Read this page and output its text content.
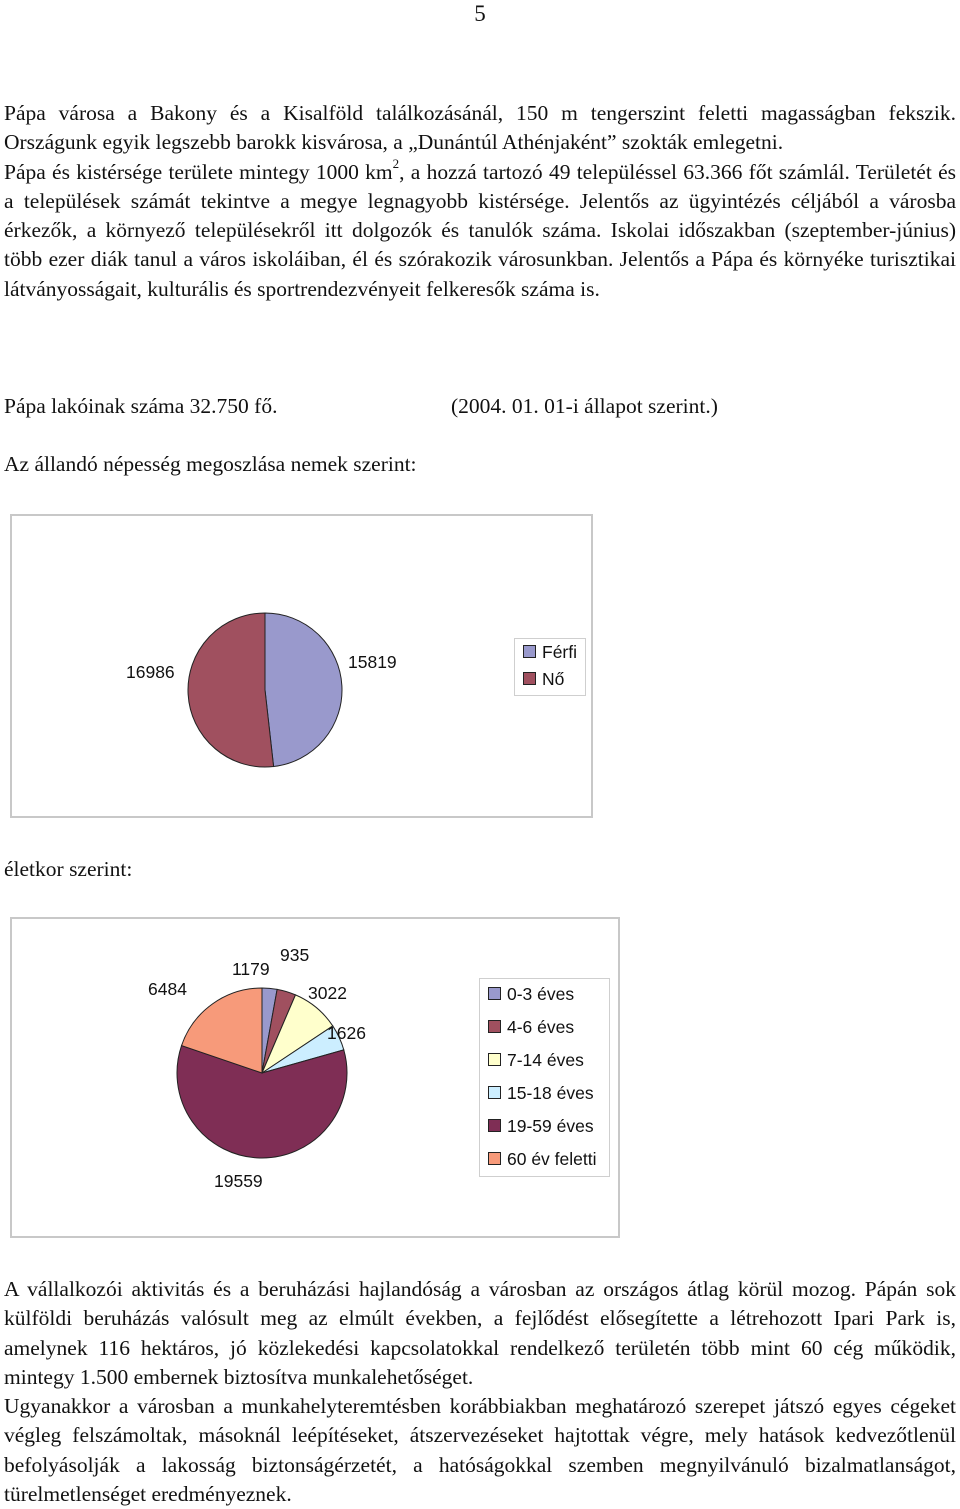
5

Pápa városa a Bakony és a Kisalföld találkozásánál, 150 m tengerszint feletti magasságban fekszik. Országunk egyik legszebb barokk kisvárosa, a „Dunántúl Athénjaként” szokták emlegetni.

Pápa és kistérsége területe mintegy 1000 $km^2$, a hozzá tartozó 49 településsel 63.366 főt számlál. Területét és a települések számát tekintve a megye legnagyobb kistérsége. Jelentős az ügyintézés céljából a városba érkezők, a környező településekről itt dolgozók és tanulók száma. Iskolai időszakban (szeptember-június) több ezer diák tanul a város iskoláiban, él és szórakozik városunkban. Jelentős a Pápa és környéke turisztikai látványosságait, kulturális és sportrendezvényeit felkeresők száma is.

Pápa lakóinak száma 32.750 fő.	(2004. 01. 01-i állapot szerint.)
Az állandó népesség megoszlása nemek szerint:
15819
16986
Férfi
Nő
életkor szerint:
935
1179
3022
1626
19559
6484	0-3 éves
4-6 éves
7-14 éves
15-18 éves
19-59 éves
60 év feletti

A vállalkozói aktivitás és a beruházási hajlandóság a városban az országos átlag körül mozog. Pápán sok külföldi beruházás valósult meg az elmúlt években, a fejlődést elősegítette a létrehozott Ipari Park is, amelynek 116 hektáros, jó közlekedési kapcsolatokkal rendelkező területén több mint 60 cég működik, mintegy 1.500 embernek biztosítva munkalehetőséget.

Ugyanakkor a városban a munkahelyteremtésben korábbiakban meghatározó szerepet játszó egyes cégeket végleg felszámoltak, másoknál leépítéseket, átszervezéseket hajtottak végre, mely hatások kedvezőtlenül befolyásolják a lakosság biztonságérzetét, a hatóságokkal szemben megnyilvánuló bizalmatlanságot, türelmetlenséget eredményeznek.
